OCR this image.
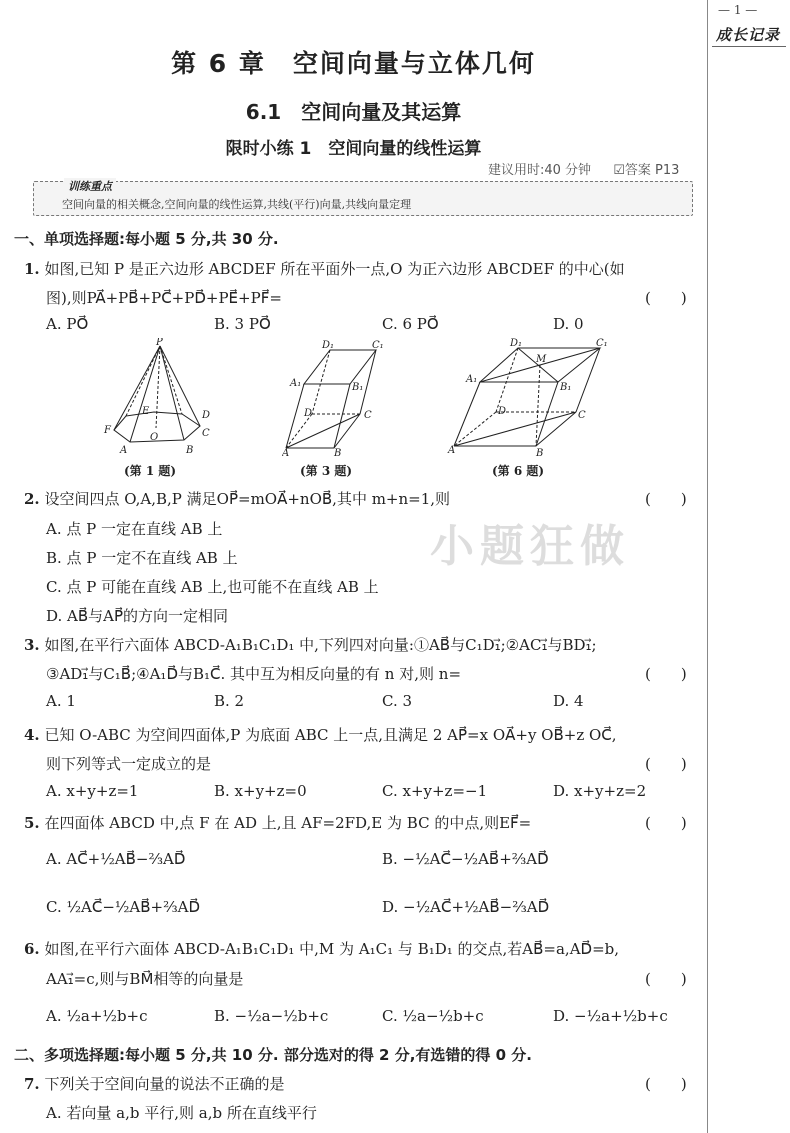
— 1 —
成长记录
第 6 章　空间向量与立体几何
6.1　空间向量及其运算
限时小练 1　空间向量的线性运算
建议用时:40 分钟 ☑答案 P13
训练重点
空间向量的相关概念,空间向量的线性运算,共线(平行)向量,共线向量定理
小题狂做
一、单项选择题:每小题 5 分,共 30 分.
1. 如图,已知 P 是正六边形 ABCDEF 所在平面外一点,O 为正六边形 ABCDEF 的中心(如
图),则PA⃗+PB⃗+PC⃗+PD⃗+PE⃗+PF⃗=	(　　)
A. PO⃗	B. 3 PO⃗	C. 6 PO⃗	D. 0
P
F
A	B
C
D
E
O
(第 1 题)
D₁	C₁
A₁	B₁
D	C
A	B
(第 3 题)
D₁	C₁
A₁
B₁
M
D	C
A	B
(第 6 题)
2. 设空间四点 O,A,B,P 满足OP⃗=mOA⃗+nOB⃗,其中 m+n=1,则	(　　)
A. 点 P 一定在直线 AB 上
B. 点 P 一定不在直线 AB 上
C. 点 P 可能在直线 AB 上,也可能不在直线 AB 上
D. AB⃗与AP⃗的方向一定相同
3. 如图,在平行六面体 ABCD-A₁B₁C₁D₁ 中,下列四对向量:①AB⃗与C₁D₁⃗;②AC₁⃗与BD₁⃗;
③AD₁⃗与C₁B⃗;④A₁D⃗与B₁C⃗. 其中互为相反向量的有 n 对,则 n=	(　　)
A. 1	B. 2	C. 3	D. 4
4. 已知 O-ABC 为空间四面体,P 为底面 ABC 上一点,且满足 2 AP⃗=x OA⃗+y OB⃗+z OC⃗,
则下列等式一定成立的是	(　　)
A. x+y+z=1	B. x+y+z=0	C. x+y+z=−1	D. x+y+z=2
5. 在四面体 ABCD 中,点 F 在 AD 上,且 AF=2FD,E 为 BC 的中点,则EF⃗=	(　　)
A. AC⃗+½AB⃗−⅔AD⃗	B. −½AC⃗−½AB⃗+⅔AD⃗
C. ½AC⃗−½AB⃗+⅔AD⃗	D. −½AC⃗+½AB⃗−⅔AD⃗
6. 如图,在平行六面体 ABCD-A₁B₁C₁D₁ 中,M 为 A₁C₁ 与 B₁D₁ 的交点,若AB⃗=a,AD⃗=b,
AA₁⃗=c,则与BM⃗相等的向量是	(　　)
A. ½a+½b+c	B. −½a−½b+c	C. ½a−½b+c	D. −½a+½b+c
二、多项选择题:每小题 5 分,共 10 分. 部分选对的得 2 分,有选错的得 0 分.
7. 下列关于空间向量的说法不正确的是	(　　)
A. 若向量 a,b 平行,则 a,b 所在直线平行
